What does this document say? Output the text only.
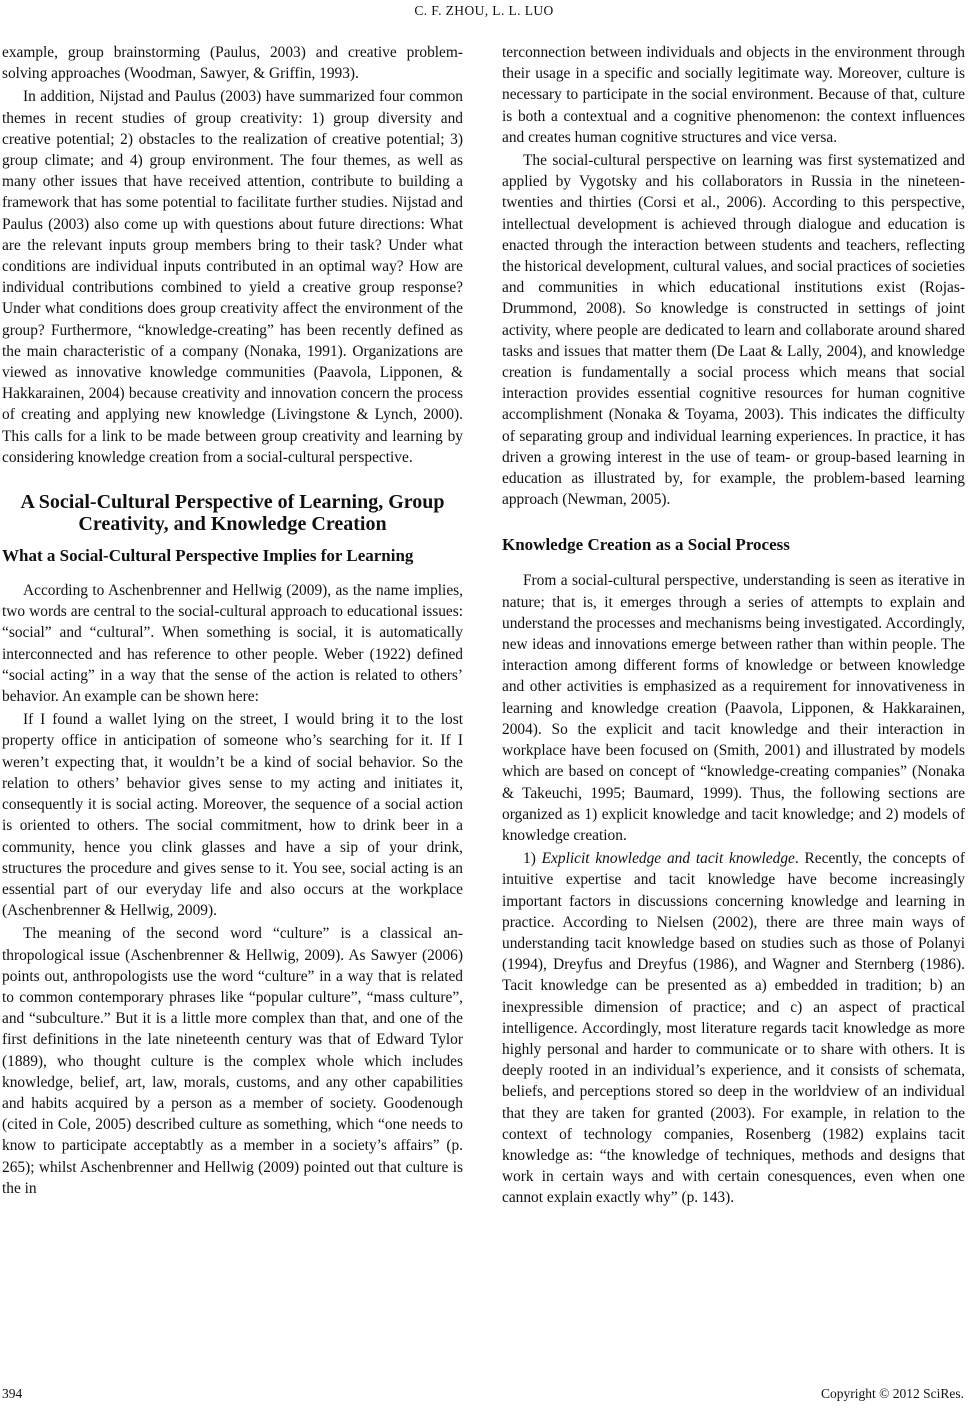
C. F. ZHOU, L. L. LUO

example, group brainstorming (Paulus, 2003) and creative problem-solving approaches (Woodman, Sawyer, & Griffin, 1993).

In addition, Nijstad and Paulus (2003) have summarized four common themes in recent studies of group creativity: 1) group diversity and creative potential; 2) obstacles to the realization of creative potential; 3) group climate; and 4) group environment. The four themes, as well as many other issues that have received attention, contribute to building a framework that has some potential to facilitate further studies. Nijstad and Paulus (2003) also come up with questions about future directions: What are the relevant inputs group members bring to their task? Under what conditions are individual inputs contributed in an optimal way? How are individual contributions combined to yield a creative group response? Under what conditions does group creativity affect the environment of the group? Furthermore, “knowledge-creating” has been recently defined as the main characteristic of a company (Nonaka, 1991). Organizations are viewed as innovative knowledge communities (Paavola, Lipponen, & Hakkarainen, 2004) because creativity and innovation concern the process of creating and applying new knowledge (Livingstone & Lynch, 2000). This calls for a link to be made between group creativity and learning by considering knowledge creation from a social-cultural perspective.

A Social-Cultural Perspective of Learning, Group Creativity, and Knowledge Creation
What a Social-Cultural Perspective Implies for Learning

According to Aschenbrenner and Hellwig (2009), as the name implies, two words are central to the social-cultural approach to educational issues: “social” and “cultural”. When something is social, it is automatically interconnected and has reference to other people. Weber (1922) defined “social acting” in a way that the sense of the action is related to others’ behavior. An example can be shown here:

If I found a wallet lying on the street, I would bring it to the lost property office in anticipation of someone who’s searching for it. If I weren’t expecting that, it wouldn’t be a kind of social behavior. So the relation to others’ behavior gives sense to my acting and initiates it, consequently it is social acting. Moreover, the sequence of a social action is oriented to others. The social commitment, how to drink beer in a community, hence you clink glasses and have a sip of your drink, structures the procedure and gives sense to it. You see, social acting is an essential part of our everyday life and also occurs at the workplace (Aschenbrenner & Hellwig, 2009).

The meaning of the second word “culture” is a classical anthropological issue (Aschenbrenner & Hellwig, 2009). As Sawyer (2006) points out, anthropologists use the word “culture” in a way that is related to common contemporary phrases like “popular culture”, “mass culture”, and “subculture.” But it is a little more complex than that, and one of the first definitions in the late nineteenth century was that of Edward Tylor (1889), who thought culture is the complex whole which includes knowledge, belief, art, law, morals, customs, and any other capabilities and habits acquired by a person as a member of society. Goodenough (cited in Cole, 2005) described culture as something, which “one needs to know to participate acceptabtly as a member in a society’s affairs” (p. 265); whilst Aschenbrenner and Hellwig (2009) pointed out that culture is the in

terconnection between individuals and objects in the environment through their usage in a specific and socially legitimate way. Moreover, culture is necessary to participate in the social environment. Because of that, culture is both a contextual and a cognitive phenomenon: the context influences and creates human cognitive structures and vice versa.

The social-cultural perspective on learning was first systematized and applied by Vygotsky and his collaborators in Russia in the nineteen-twenties and thirties (Corsi et al., 2006). According to this perspective, intellectual development is achieved through dialogue and education is enacted through the interaction between students and teachers, reflecting the historical development, cultural values, and social practices of societies and communities in which educational institutions exist (Rojas-Drummond, 2008). So knowledge is constructed in settings of joint activity, where people are dedicated to learn and collaborate around shared tasks and issues that matter them (De Laat & Lally, 2004), and knowledge creation is fundamentally a social process which means that social interaction provides essential cognitive resources for human cognitive accomplishment (Nonaka & Toyama, 2003). This indicates the difficulty of separating group and individual learning experiences. In practice, it has driven a growing interest in the use of team- or group-based learning in education as illustrated by, for example, the problem-based learning approach (Newman, 2005).

Knowledge Creation as a Social Process

From a social-cultural perspective, understanding is seen as iterative in nature; that is, it emerges through a series of attempts to explain and understand the processes and mechanisms being investigated. Accordingly, new ideas and innovations emerge between rather than within people. The interaction among different forms of knowledge or between knowledge and other activities is emphasized as a requirement for innovativeness in learning and knowledge creation (Paavola, Lipponen, & Hakkarainen, 2004). So the explicit and tacit knowledge and their interaction in workplace have been focused on (Smith, 2001) and illustrated by models which are based on concept of “knowledge-creating companies” (Nonaka & Takeuchi, 1995; Baumard, 1999). Thus, the following sections are organized as 1) explicit knowledge and tacit knowledge; and 2) models of knowledge creation.

1) Explicit knowledge and tacit knowledge. Recently, the concepts of intuitive expertise and tacit knowledge have become increasingly important factors in discussions concerning knowledge and learning in practice. According to Nielsen (2002), there are three main ways of understanding tacit knowledge based on studies such as those of Polanyi (1994), Dreyfus and Dreyfus (1986), and Wagner and Sternberg (1986). Tacit knowledge can be presented as a) embedded in tradition; b) an inexpressible dimension of practice; and c) an aspect of practical intelligence. Accordingly, most literature regards tacit knowledge as more highly personal and harder to communicate or to share with others. It is deeply rooted in an individual’s experience, and it consists of schemata, beliefs, and perceptions stored so deep in the worldview of an individual that they are taken for granted (2003). For example, in relation to the context of technology companies, Rosenberg (1982) explains tacit knowledge as: “the knowledge of techniques, methods and designs that work in certain ways and with certain conesquences, even when one cannot explain exactly why” (p. 143).

394	Copyright © 2012 SciRes.
